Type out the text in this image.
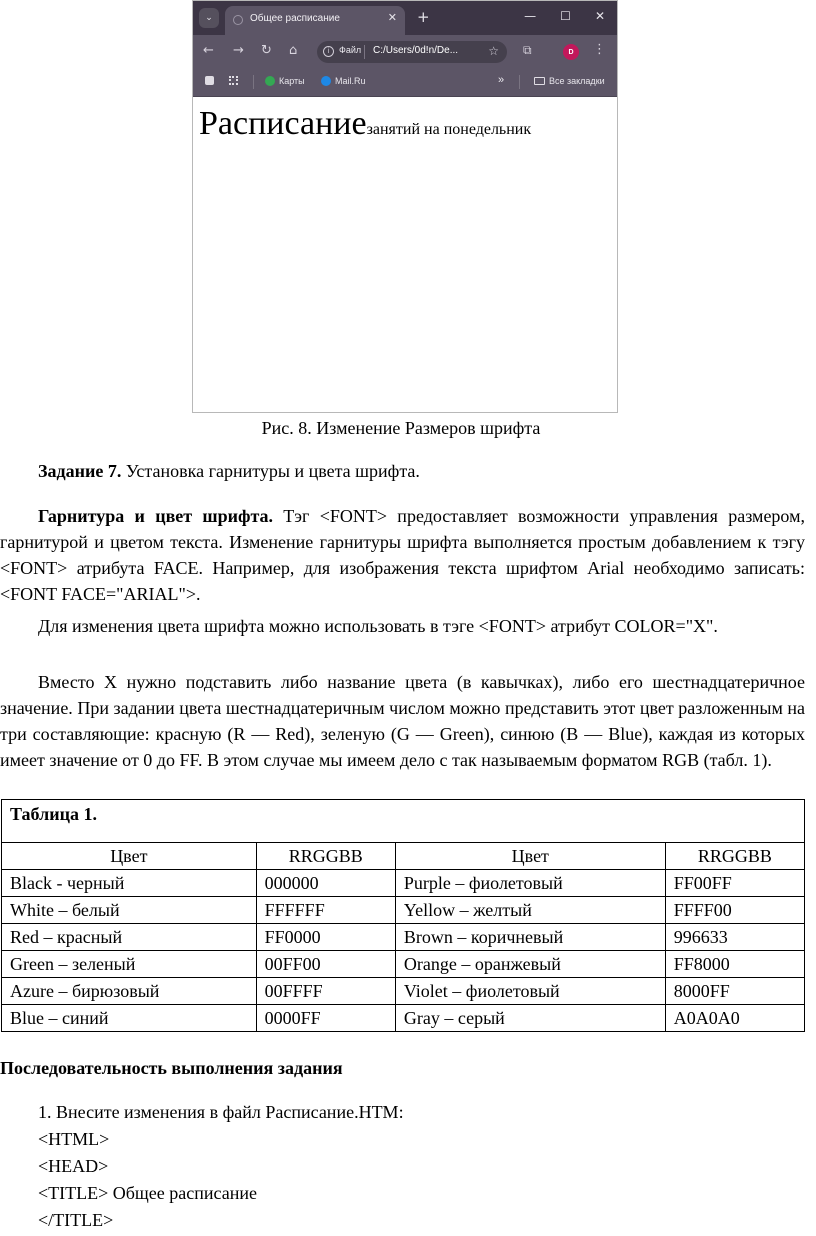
⌄	Общее расписание	✕ +	— ☐ ✕
← → ↻ ⌂	i	Файл C:/Users/0d!n/De...	☆ ⧉	D	⋮
Карты	Mail.Ru	»	Все закладки
Расписаниезанятий на понедельник
Рис. 8. Изменение Размеров шрифта
Задание 7. Установка гарнитуры и цвета шрифта.
Гарнитура и цвет шрифта. Тэг <FONT> предоставляет возможности управления размером, гарнитурой и цветом текста. Изменение гарнитуры шрифта выполняется простым добавлением к тэгу <FONT> атрибута FACE. Например, для изображения текста шрифтом Arial необходимо записать: <FONT FACE="ARIAL">.
Для изменения цвета шрифта можно использовать в тэге <FONT> атрибут COLOR="X".
Вместо X нужно подставить либо название цвета (в кавычках), либо его шестнадцатеричное значение. При задании цвета шестнадцатеричным числом можно представить этот цвет разложенным на три составляющие: красную (R — Red), зеленую (G — Green), синюю (B — Blue), каждая из которых имеет значение от 0 до FF. В этом случае мы имеем дело с так называемым форматом RGB (табл. 1).
Таблица 1.			
Цвет	RRGGBB	Цвет	RRGGBB
Black - черный	000000	Purple – фиолетовый	FF00FF
White – белый	FFFFFF	Yellow – желтый	FFFF00
Red – красный	FF0000	Brown – коричневый	996633
Green – зеленый	00FF00	Orange – оранжевый	FF8000
Azure – бирюзовый	00FFFF	Violet – фиолетовый	8000FF
Blue – синий	0000FF	Gray – серый	A0A0A0
Последовательность выполнения задания
1. Внесите изменения в файл Расписание.HTM:
<HTML>
<HEAD>
<TITLE> Общее расписание
</TITLE>
